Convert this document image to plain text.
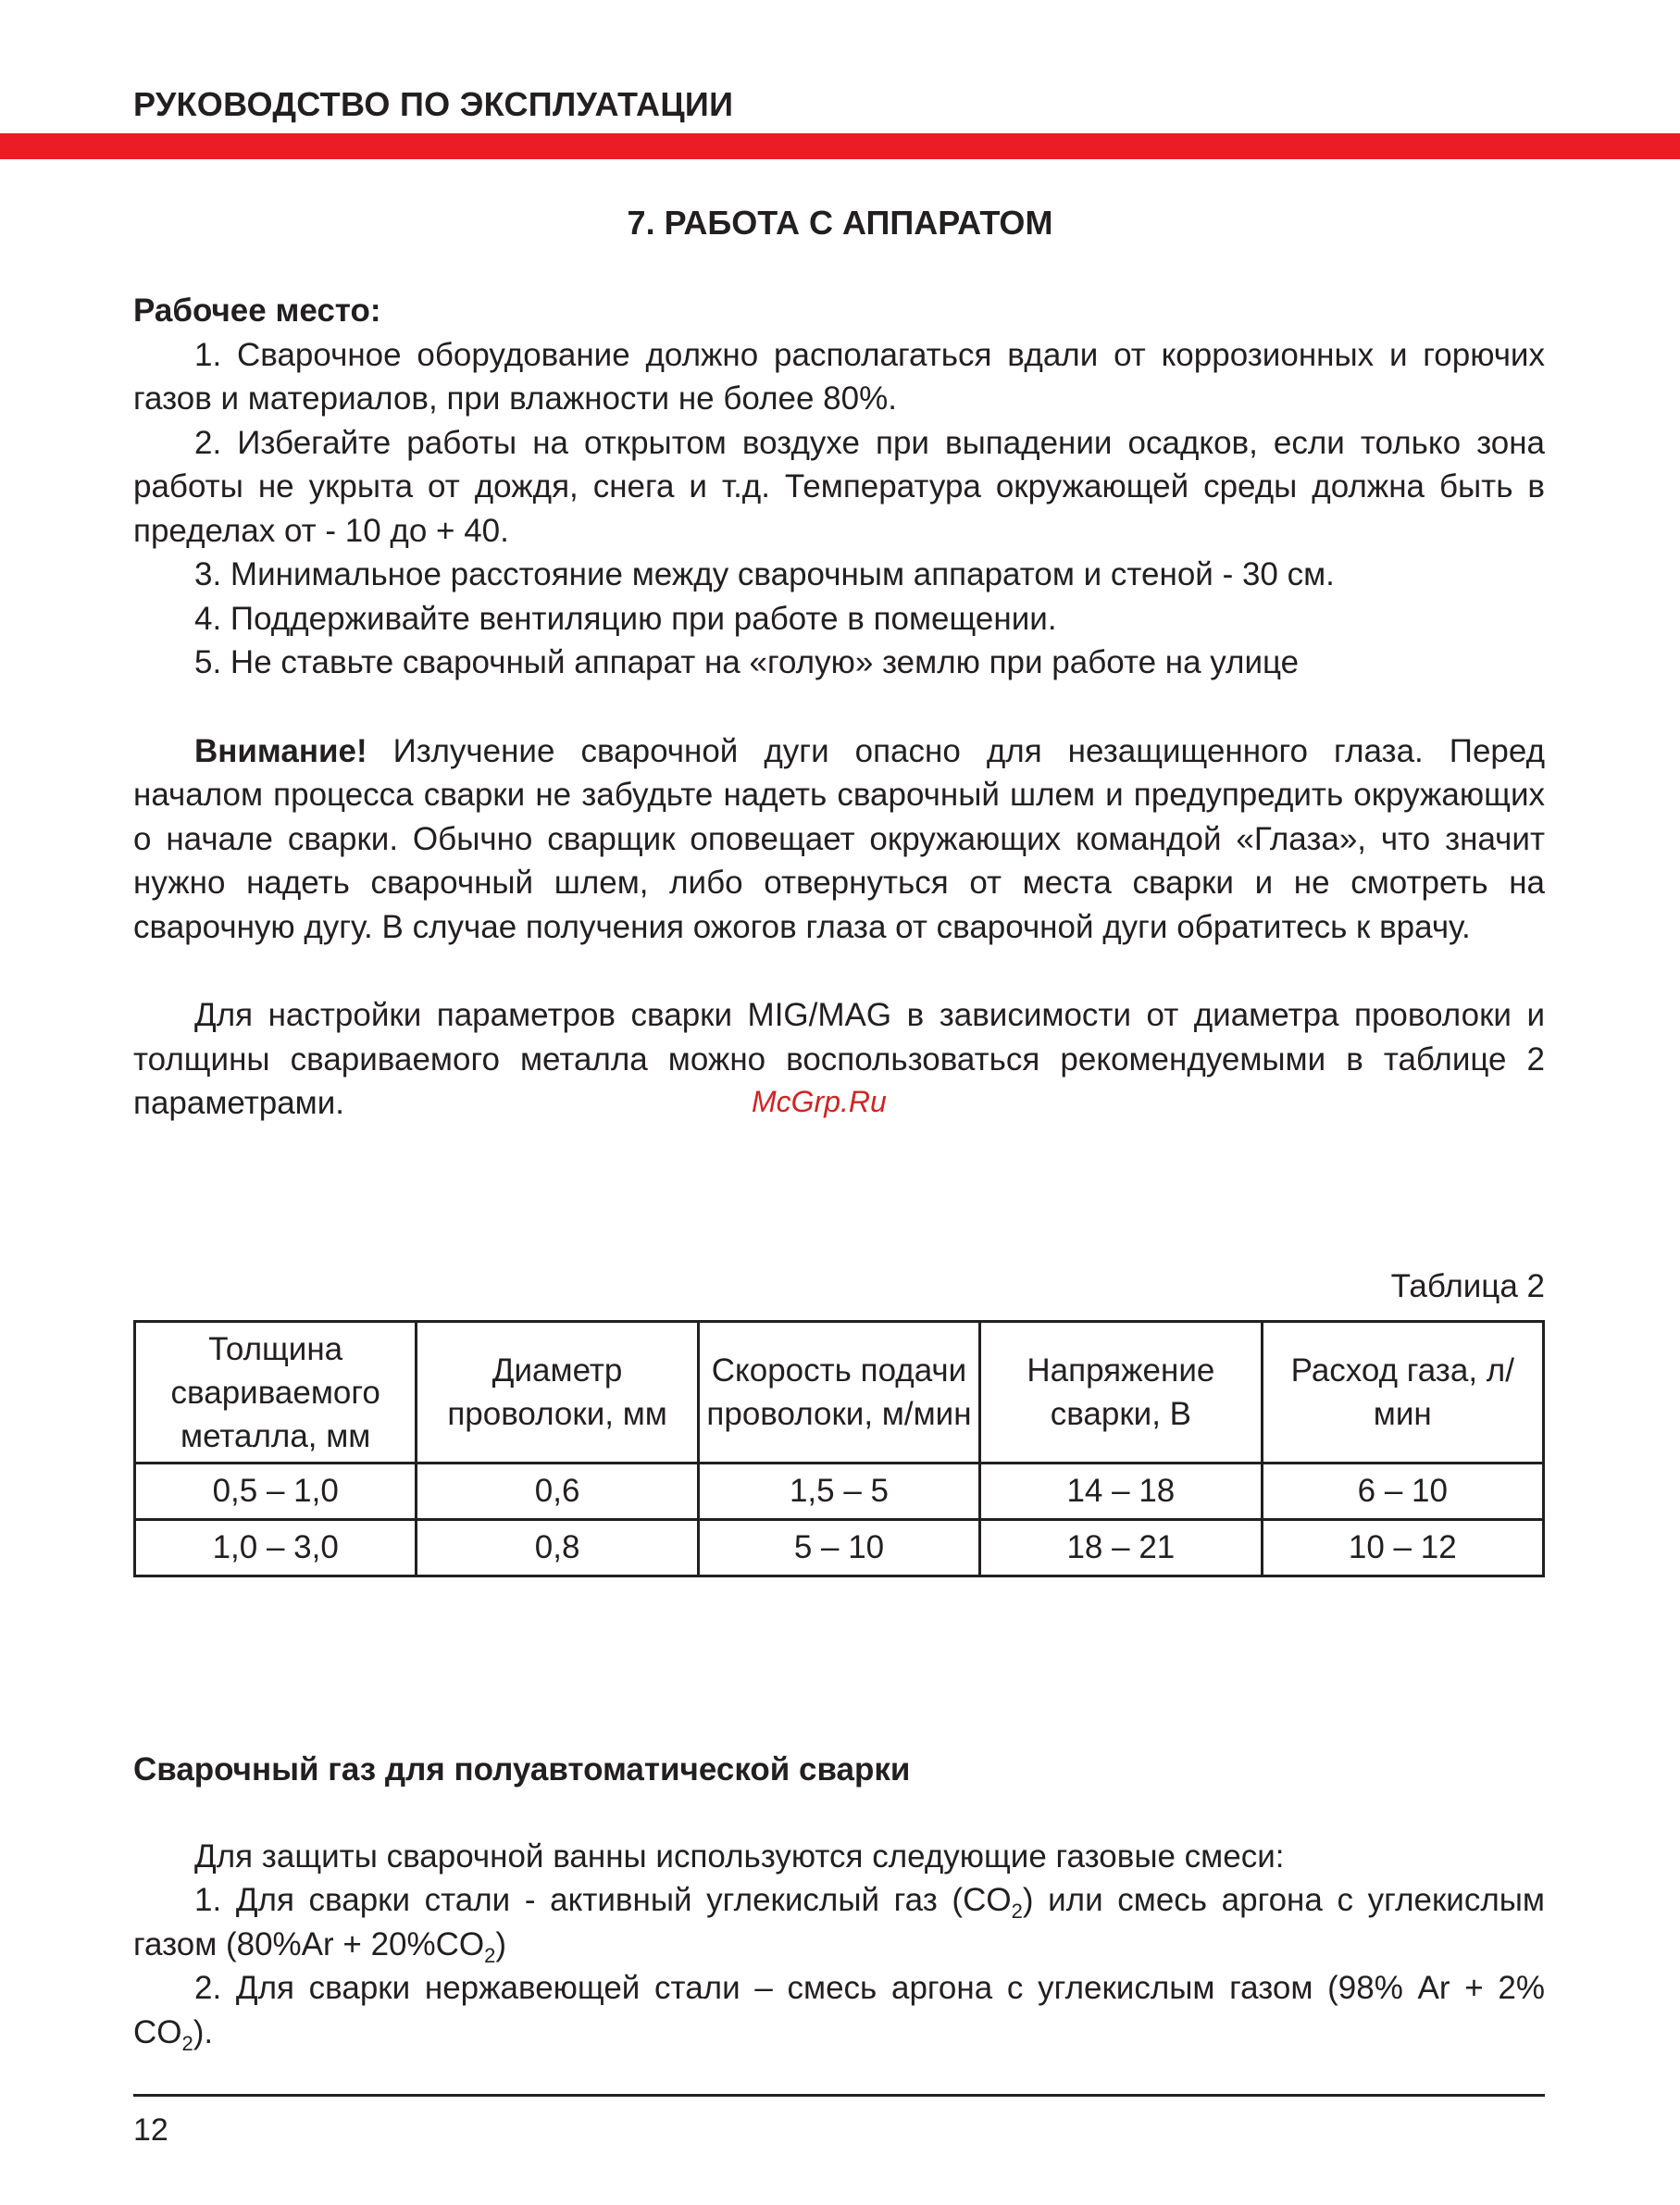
РУКОВОДСТВО ПО ЭКСПЛУАТАЦИИ
7. РАБОТА С АППАРАТОМ

Рабочее место:

1. Сварочное оборудование должно располагаться вдали от коррозионных и горючих газов и материалов, при влажности не более 80%.

2. Избегайте работы на открытом воздухе при выпадении осадков, если только зона работы не укрыта от дождя, снега и т.д. Температура окружающей среды должна быть в пределах от - 10 до + 40.

3. Минимальное расстояние между сварочным аппаратом и стеной - 30 см.

4. Поддерживайте вентиляцию при работе в помещении.

5. Не ставьте сварочный аппарат на «голую» землю при работе на улице

Внимание! Излучение сварочной дуги опасно для незащищенного глаза. Перед началом процесса сварки не забудьте надеть сварочный шлем и предупредить окружающих о начале сварки. Обычно сварщик оповещает окружающих командой «Глаза», что значит нужно надеть сварочный шлем, либо отвернуться от места сварки и не смотреть на сварочную дугу. В случае получения ожогов глаза от сварочной дуги обратитесь к врачу.

Для настройки параметров сварки MIG/MAG в зависимости от диаметра проволоки и толщины свариваемого металла можно воспользоваться рекомендуемыми в таблице 2 параметрами.	McGrp.Ru
Таблица 2
Толщина свариваемого металла, мм	Диаметр проволоки, мм	Скорость подачи проволоки, м/мин	Напряжение сварки, В	Расход газа, л/мин
0,5 – 1,0	0,6	1,5 – 5	14 – 18	6 – 10
1,0 – 3,0	0,8	5 – 10	18 – 21	10 – 12

Сварочный газ для полуавтоматической сварки

Для защиты сварочной ванны используются следующие газовые смеси:

1. Для сварки стали - активный углекислый газ $(CO_2)$ или смесь аргона с углекислым газом $(80\%Ar + 20\%CO_2)$

2. Для сварки нержавеющей стали – смесь аргона с углекислым газом (98% Ar + 2% $CO_2$).

12
